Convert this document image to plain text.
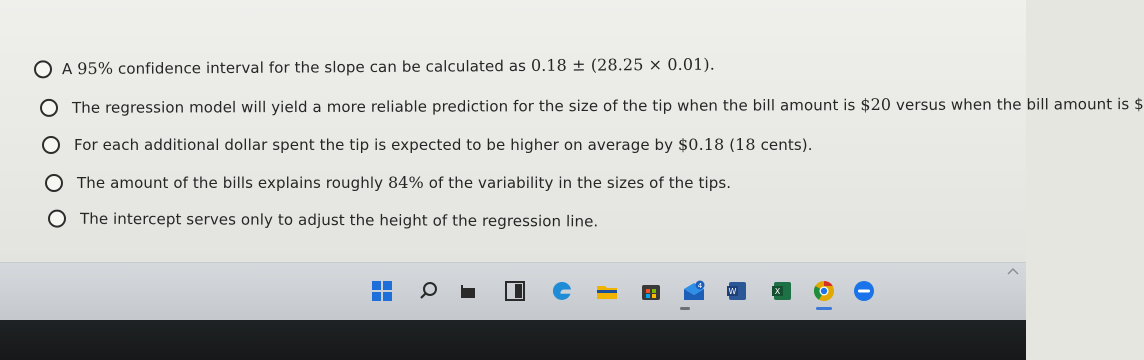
A 95% confidence interval for the slope can be calculated as 0.18 ± (28.25 × 0.01).
The regression model will yield a more reliable prediction for the size of the tip when the bill amount is $20 versus when the bill amount is $
For each additional dollar spent the tip is expected to be higher on average by $0.18 (18 cents).
The amount of the bills explains roughly 84% of the variability in the sizes of the tips.
The intercept serves only to adjust the height of the regression line.
4
W	X
